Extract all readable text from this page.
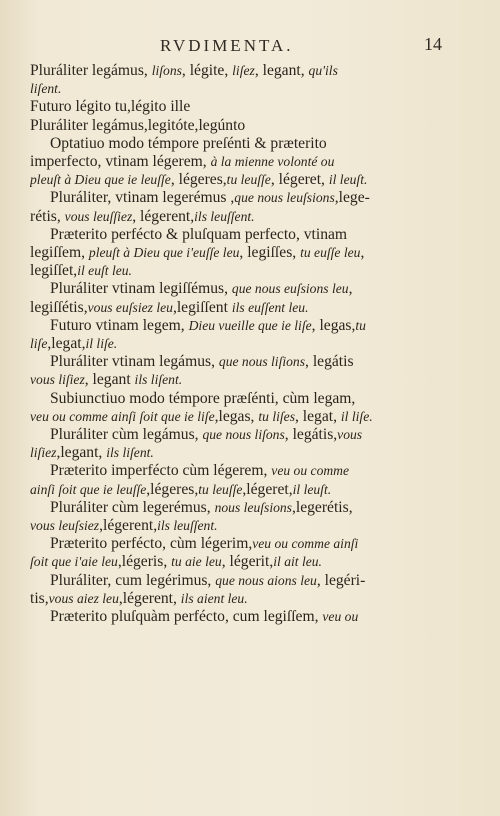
RVDIMENTA.	14
Pluráliter legámus, liſons, légite, liſez, legant, qu'ils
liſent.
Futuro légito tu,légito ille
Pluráliter legámus,legitóte,legúnto
Optatiuo modo témpore preſénti & præterito
imperfecto, vtinam légerem, à la mienne volonté ou
pleuſt à Dieu que ie leuſſe, légeres,tu leuſſe, légeret, il leuſt.
Pluráliter, vtinam legerémus ,que nous leuſsions,lege-
rétis, vous leuſſiez, légerent,ils leuſſent.
Præterito perfécto & pluſquam perfecto, vtinam
legiſſem, pleuſt à Dieu que i'euſſe leu, legiſſes, tu euſſe leu,
legiſſet,il euſt leu.
Pluráliter vtinam legiſſémus, que nous euſsions leu,
legiſſétis,vous euſsiez leu,legiſſent ils euſſent leu.
Futuro vtinam legem, Dieu vueille que ie liſe, legas,tu
liſe,legat,il liſe.
Pluráliter vtinam legámus, que nous liſions, legátis
vous liſiez, legant ils liſent.
Subiunctiuo modo témpore præſénti, cùm legam,
veu ou comme ainſi ſoit que ie liſe,legas, tu liſes, legat, il liſe.
Pluráliter cùm legámus, que nous liſons, legátis,vous
liſiez,legant, ils liſent.
Præterito imperfécto cùm légerem, veu ou comme
ainſi ſoit que ie leuſſe,légeres,tu leuſſe,légeret,il leuſt.
Pluráliter cùm legerémus, nous leuſsions,legerétis,
vous leuſsiez,légerent,ils leuſſent.
Præterito perfécto, cùm légerim,veu ou comme ainſi
ſoit que i'aie leu,légeris, tu aie leu, légerit,il ait leu.
Pluráliter, cum legérimus, que nous aions leu, legéri-
tis,vous aiez leu,légerent, ils aient leu.
Præterito pluſquàm perfécto, cum legiſſem, veu ou
